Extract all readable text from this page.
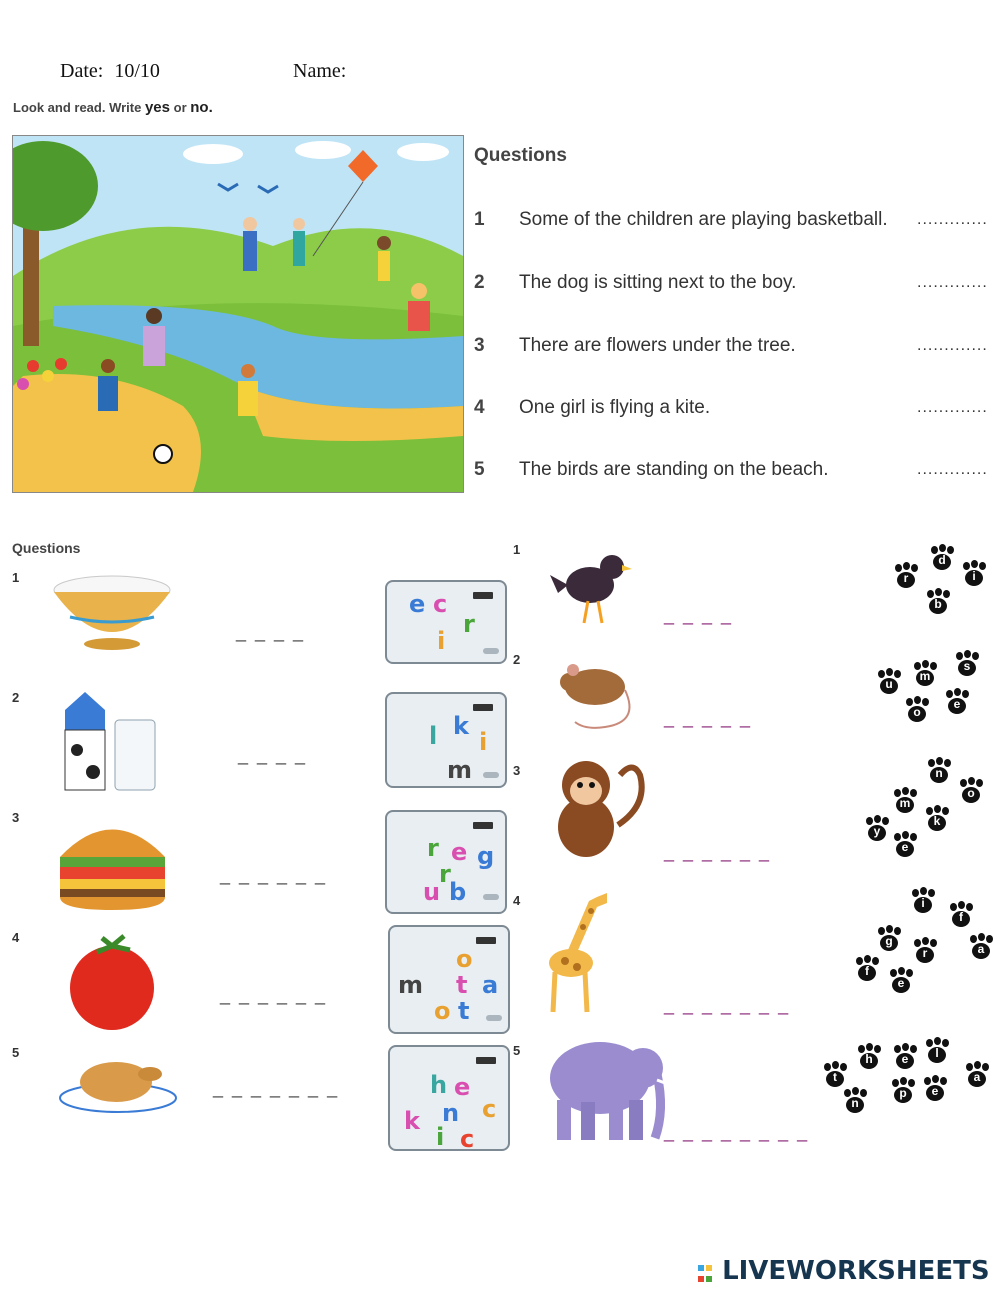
Date: 10/10	Name:
Look and read. Write yes or no.
Questions
1 Some of the children are playing basketball. .............
2 The dog is sitting next to the boy.	.............
3 There are flowers under the tree.	.............
4 One girl is flying a kite.	.............
5 The birds are standing on the beach.	.............
Questions
1
_ _ _ _
e c
r
i
2
_ _ _ _
l k
i
m
3
_ _ _ _ _ _
r e g
r
u b
4
_ _ _ _ _ _
o
m t a
o t
5
_ _ _ _ _ _ _	h e
n c
k
i c
1
_ _ _ _
r
d
i
b
2
_ _ _ _ _
u
m
s
o
e
3
_ _ _ _ _ _
n
o
m
k
y
e
4
_ _ _ _ _ _ _
i
g
f
r	a
f
e
5
_ _ _ _ _ _ _ _
h	e	l
t
p
a
e
n

LIVEWORKSHEETS
